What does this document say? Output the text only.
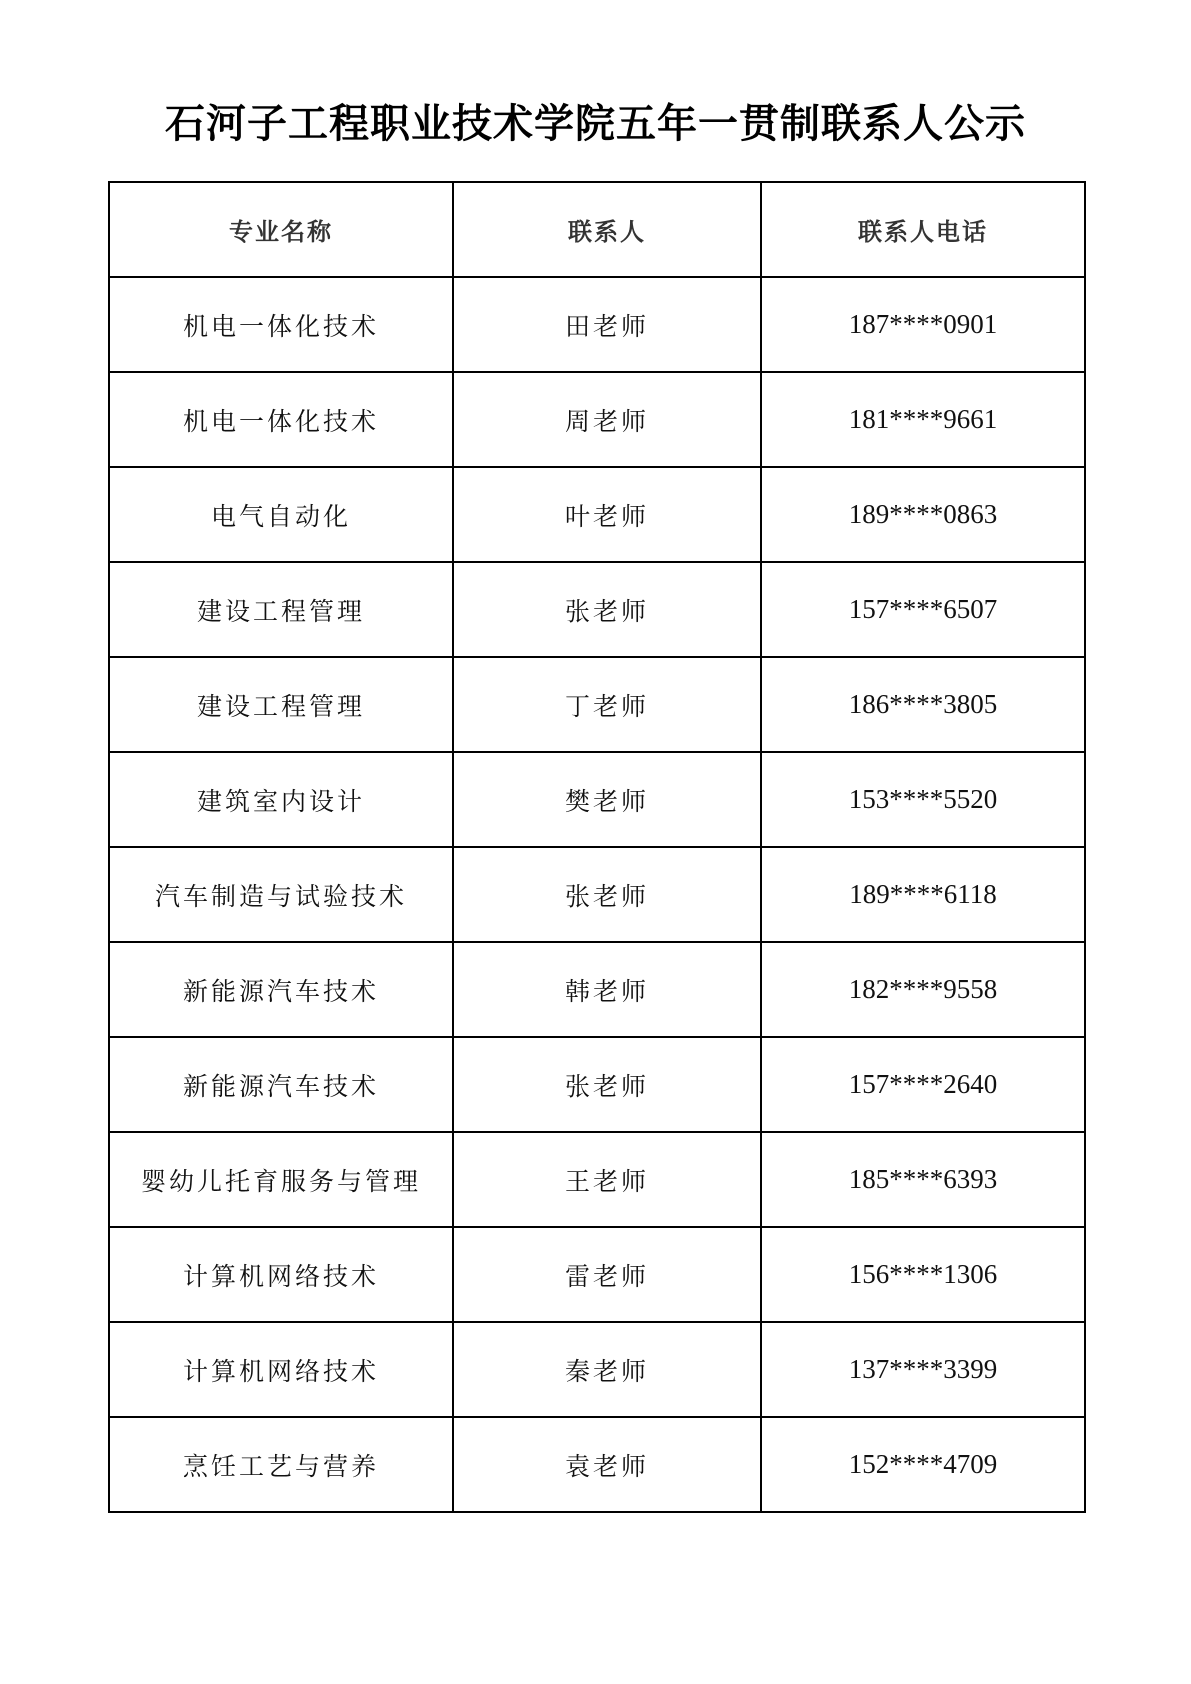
石河子工程职业技术学院五年一贯制联系人公示
专业名称	联系人	联系人电话
机电一体化技术	田老师	187****0901
机电一体化技术	周老师	181****9661
电气自动化	叶老师	189****0863
建设工程管理	张老师	157****6507
建设工程管理	丁老师	186****3805
建筑室内设计	樊老师	153****5520
汽车制造与试验技术	张老师	189****6118
新能源汽车技术	韩老师	182****9558
新能源汽车技术	张老师	157****2640
婴幼儿托育服务与管理	王老师	185****6393
计算机网络技术	雷老师	156****1306
计算机网络技术	秦老师	137****3399
烹饪工艺与营养	袁老师	152****4709
